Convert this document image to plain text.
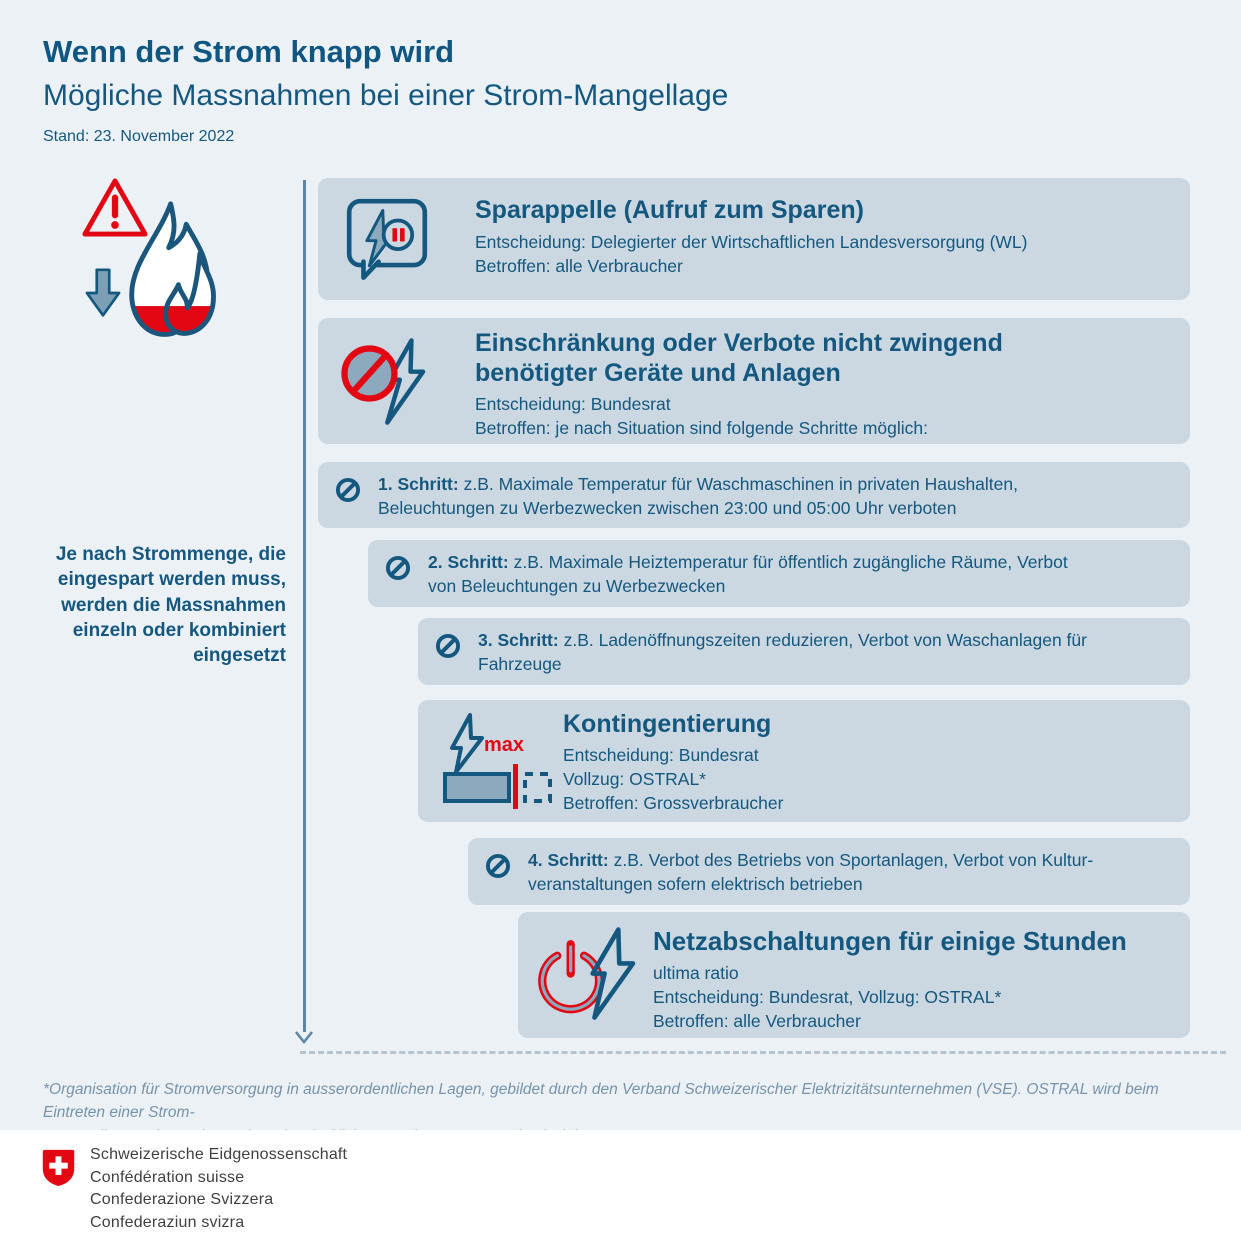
Wenn der Strom knapp wird
Mögliche Massnahmen bei einer Strom-Mangellage
Stand: 23. November 2022
Je nach Strommenge, die eingespart werden muss, werden die Massnahmen einzeln oder kombiniert eingesetzt
Sparappelle (Aufruf zum Sparen)
Entscheidung: Delegierter der Wirtschaftlichen Landesversorgung (WL)
Betroffen: alle Verbraucher
Einschränkung oder Verbote nicht zwingend benötigter Geräte und Anlagen
Entscheidung: Bundesrat
Betroffen: je nach Situation sind folgende Schritte möglich:
1. Schritt: z.B. Maximale Temperatur für Waschmaschinen in privaten Haushalten,
Beleuchtungen zu Werbezwecken zwischen 23:00 und 05:00 Uhr verboten
2. Schritt: z.B. Maximale Heiztemperatur für öffentlich zugängliche Räume, Verbot
von Beleuchtungen zu Werbezwecken
3. Schritt: z.B. Ladenöffnungszeiten reduzieren, Verbot von Waschanlagen für
Fahrzeuge
max
Kontingentierung
Entscheidung: Bundesrat
Vollzug: OSTRAL*
Betroffen: Grossverbraucher
4. Schritt: z.B. Verbot des Betriebs von Sportanlagen, Verbot von Kultur-
veranstaltungen sofern elektrisch betrieben
Netzabschaltungen für einige Stunden
ultima ratio
Entscheidung: Bundesrat, Vollzug: OSTRAL*
Betroffen: alle Verbraucher
*Organisation für Stromversorgung in ausserordentlichen Lagen, gebildet durch den Verband Schweizerischer Elektrizitätsunternehmen (VSE). OSTRAL wird beim Eintreten einer Strom-
Schweizerische Eidgenossenschaft
Confédération suisse
Confederazione Svizzera
Confederaziun svizra
